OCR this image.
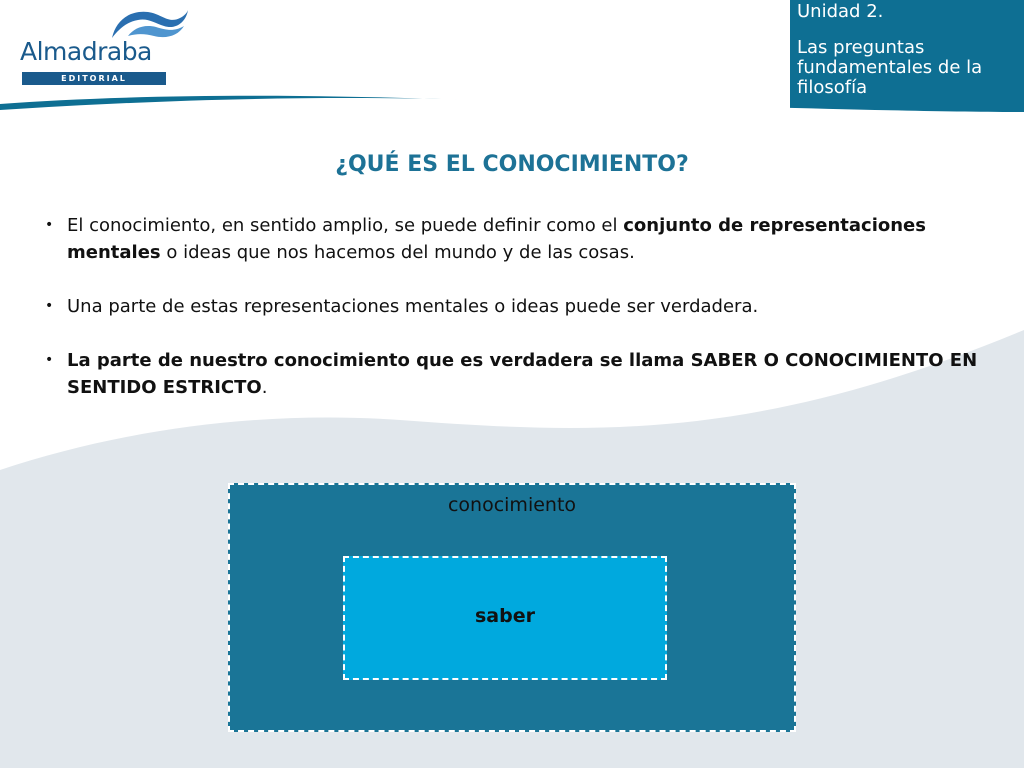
Almadraba
EDITORIAL
Unidad 2.
Las preguntas fundamentales de la filosofía
¿QUÉ ES EL CONOCIMIENTO?
• El conocimiento, en sentido amplio, se puede definir como el conjunto de representaciones mentales o ideas que nos hacemos del mundo y de las cosas.
• Una parte de estas representaciones mentales o ideas puede ser verdadera.
• La parte de nuestro conocimiento que es verdadera se llama SABER O CONOCIMIENTO EN SENTIDO ESTRICTO.
conocimiento
saber
